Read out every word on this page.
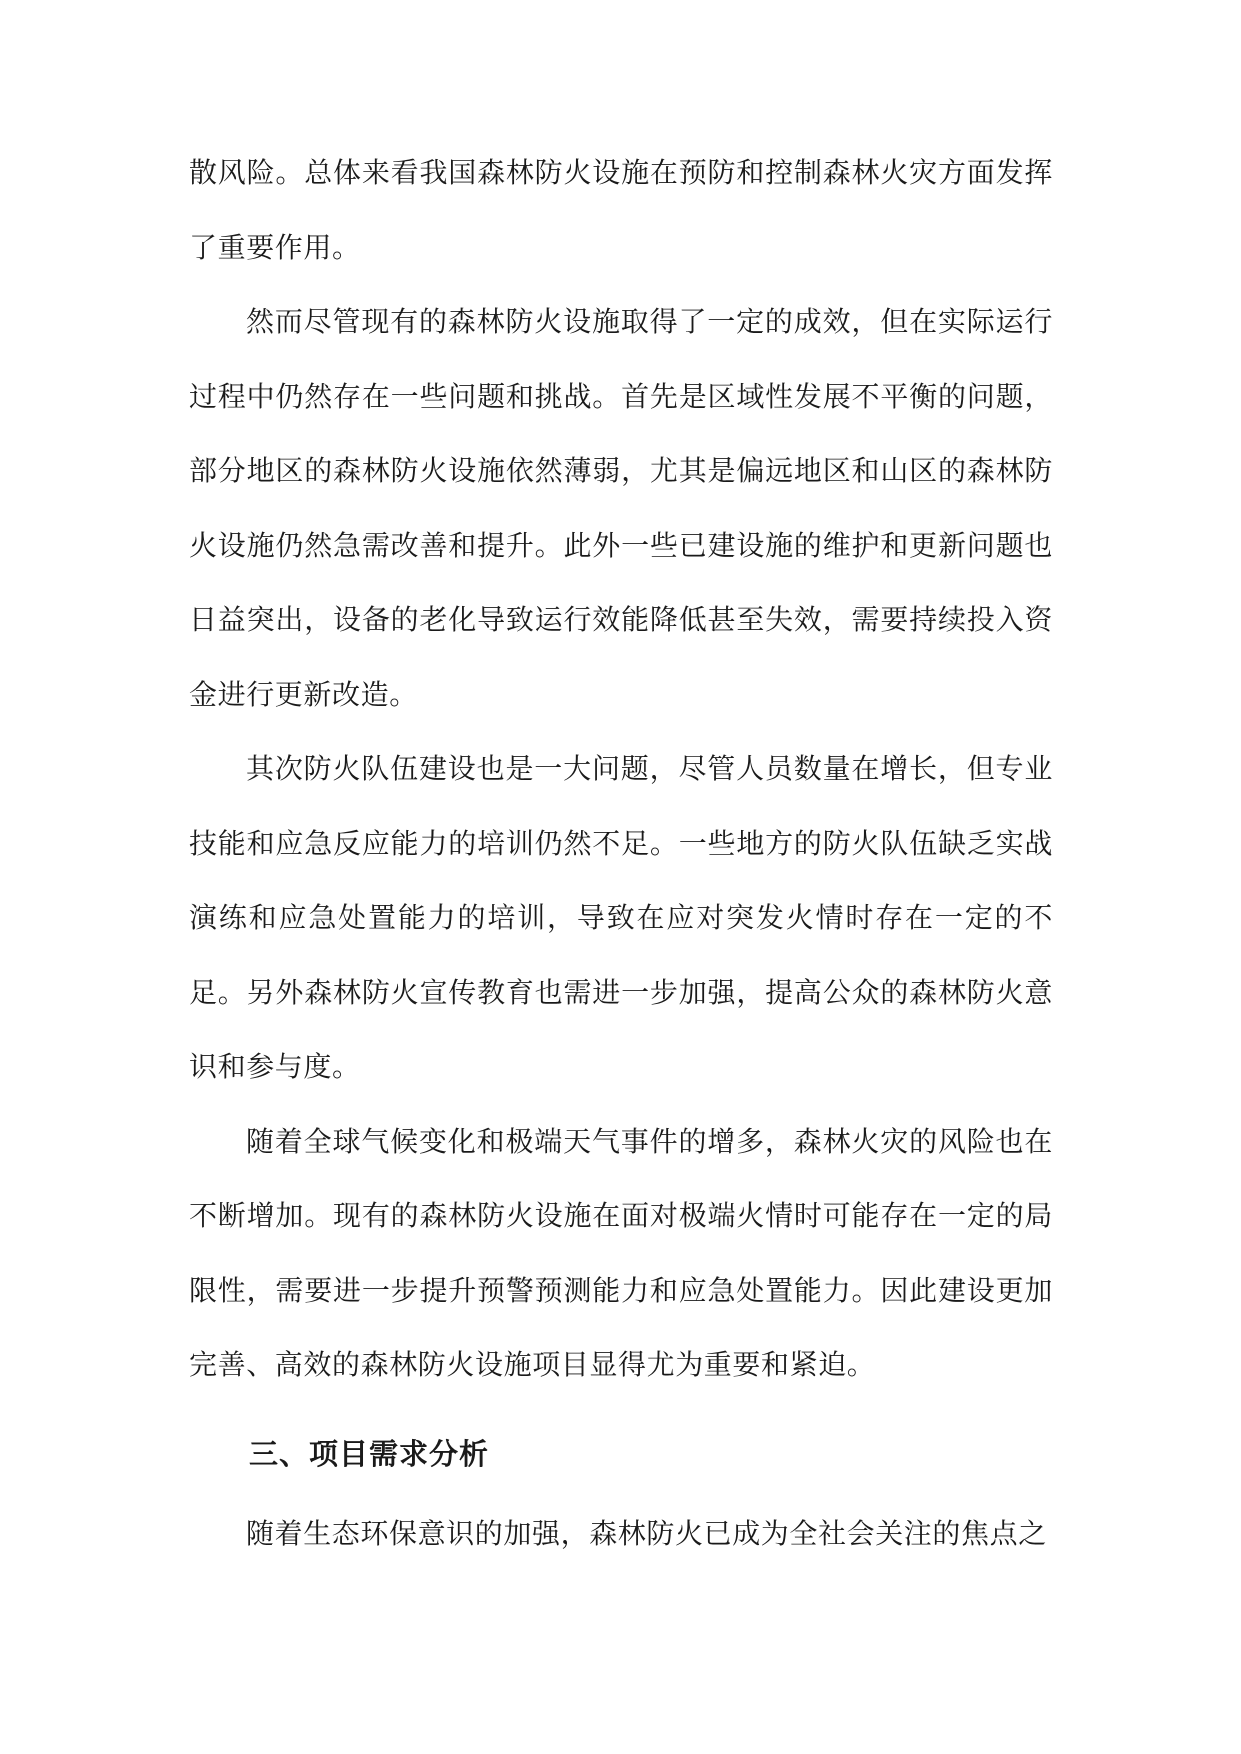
散风险。总体来看我国森林防火设施在预防和控制森林火灾方面发挥了重要作用。

然而尽管现有的森林防火设施取得了一定的成效，但在实际运行过程中仍然存在一些问题和挑战。首先是区域性发展不平衡的问题，部分地区的森林防火设施依然薄弱，尤其是偏远地区和山区的森林防火设施仍然急需改善和提升。此外一些已建设施的维护和更新问题也日益突出，设备的老化导致运行效能降低甚至失效，需要持续投入资金进行更新改造。

其次防火队伍建设也是一大问题，尽管人员数量在增长，但专业技能和应急反应能力的培训仍然不足。一些地方的防火队伍缺乏实战演练和应急处置能力的培训，导致在应对突发火情时存在一定的不足。另外森林防火宣传教育也需进一步加强，提高公众的森林防火意识和参与度。

随着全球气候变化和极端天气事件的增多，森林火灾的风险也在不断增加。现有的森林防火设施在面对极端火情时可能存在一定的局限性，需要进一步提升预警预测能力和应急处置能力。因此建设更加完善、高效的森林防火设施项目显得尤为重要和紧迫。

三、项目需求分析

随着生态环保意识的加强，森林防火已成为全社会关注的焦点之
